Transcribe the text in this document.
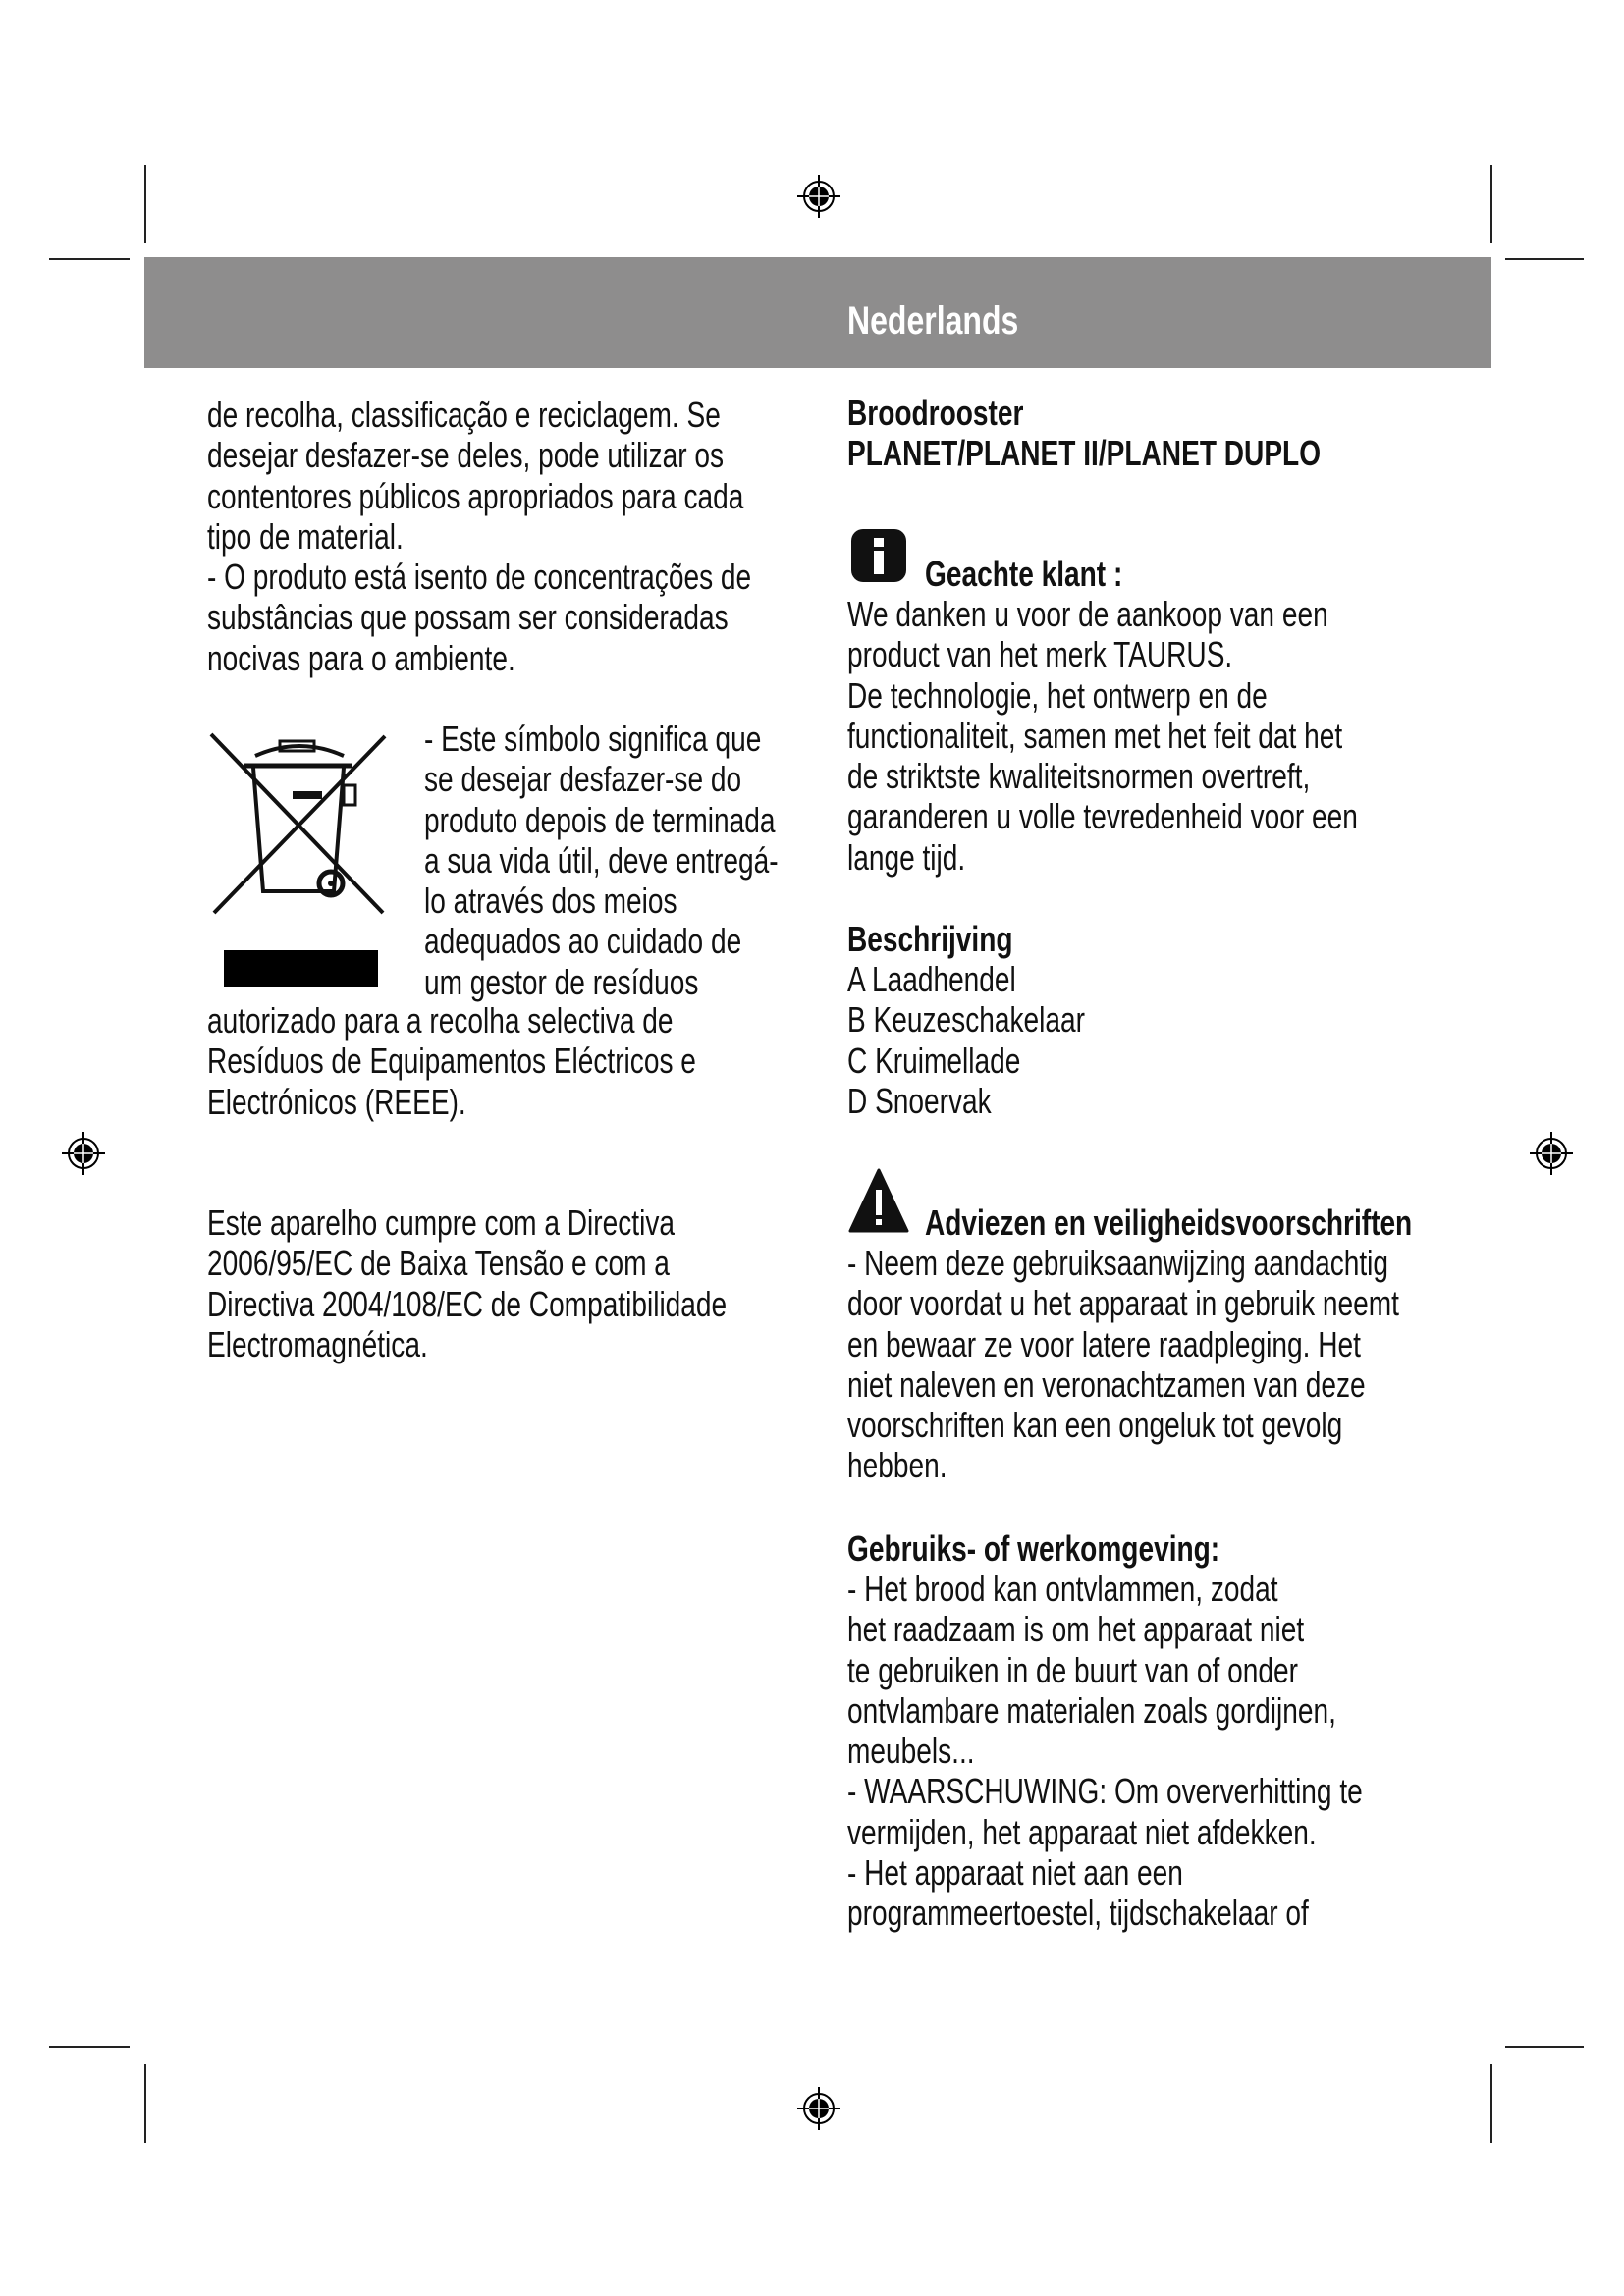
Nederlands
de recolha, classificação e reciclagem. Se
desejar desfazer-se deles, pode utilizar os
contentores públicos apropriados para cada
tipo de material.
- O produto está isento de concentrações de
substâncias que possam ser consideradas
nocivas para o ambiente.
- Este símbolo significa que
se desejar desfazer-se do
produto depois de terminada
a sua vida útil, deve entregá-
lo através dos meios
adequados ao cuidado de
um gestor de resíduos
autorizado para a recolha selectiva de
Resíduos de Equipamentos Eléctricos e
Electrónicos (REEE).
Este aparelho cumpre com a Directiva
2006/95/EC de Baixa Tensão e com a
Directiva 2004/108/EC de Compatibilidade
Electromagnética.
Broodrooster
PLANET/PLANET II/PLANET DUPLO
Geachte klant :
We danken u voor de aankoop van een
product van het merk TAURUS.
De technologie, het ontwerp en de
functionaliteit, samen met het feit dat het
de striktste kwaliteitsnormen overtreft,
garanderen u volle tevredenheid voor een
lange tijd.
Beschrijving
A Laadhendel
B Keuzeschakelaar
C Kruimellade
D Snoervak
Adviezen en veiligheidsvoorschriften
- Neem deze gebruiksaanwijzing aandachtig
door voordat u het apparaat in gebruik neemt
en bewaar ze voor latere raadpleging. Het
niet naleven en veronachtzamen van deze
voorschriften kan een ongeluk tot gevolg
hebben.
Gebruiks- of werkomgeving:
- Het brood kan ontvlammen, zodat
het raadzaam is om het apparaat niet
te gebruiken in de buurt van of onder
ontvlambare materialen zoals gordijnen,
meubels...
- WAARSCHUWING: Om oververhitting te
vermijden, het apparaat niet afdekken.
- Het apparaat niet aan een
programmeertoestel, tijdschakelaar of
